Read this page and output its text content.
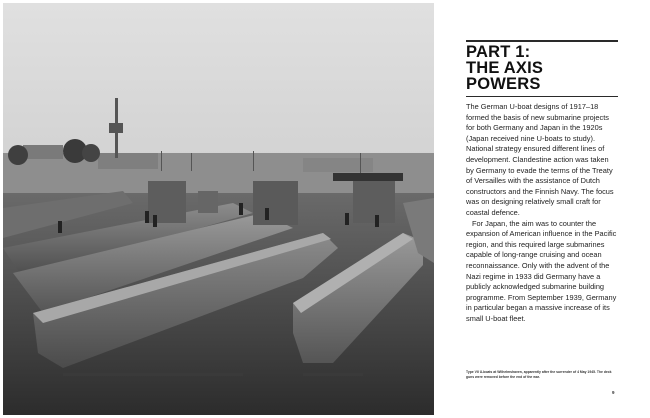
PART 1:
THE AXIS
POWERS

The German U-boat designs of 1917–18 formed the basis of new submarine projects for both Germany and Japan in the 1920s (Japan received nine U-boats to study). National strategy ensured different lines of development. Clandestine action was taken by Germany to evade the terms of the Treaty of Versailles with the assistance of Dutch constructors and the Finnish Navy. The focus was on designing relatively small craft for coastal defence.

For Japan, the aim was to counter the expansion of American influence in the Pacific region, and this required large submarines capable of long-range cruising and ocean reconnaissance. Only with the advent of the Nazi regime in 1933 did Germany have a publicly acknowledged submarine building programme. From September 1939, Germany in particular began a massive increase of its small U-boat fleet.

Type VII U-boats at Wilhelmshaven, apparently after the surrender of 4 May 1945. The deck guns were removed before the end of the war.
9
